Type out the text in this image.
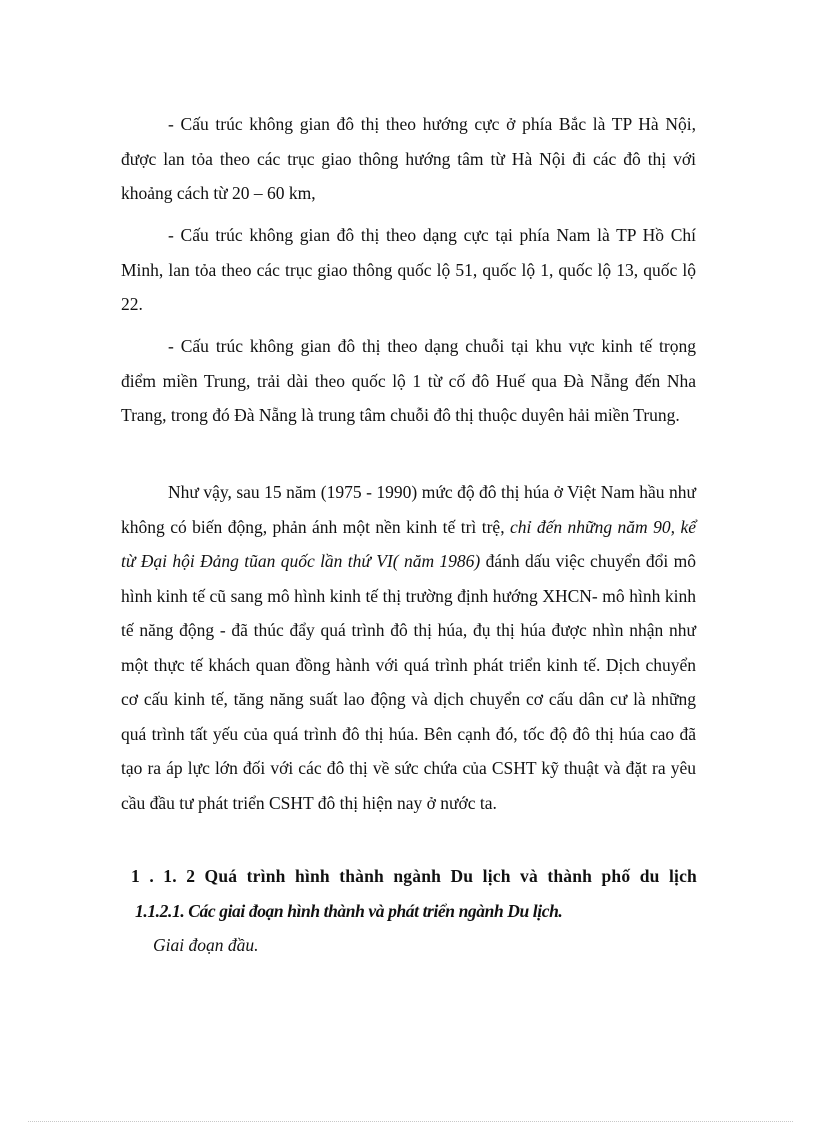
- Cấu trúc không gian đô thị theo hướng cực ở phía Bắc là TP Hà Nội, được lan tỏa theo các trục giao thông hướng tâm từ Hà Nội đi các đô thị với khoảng cách từ 20 – 60 km,

- Cấu trúc không gian đô thị theo dạng cực tại phía Nam là TP Hồ Chí Minh, lan tỏa theo các trục giao thông quốc lộ 51, quốc lộ 1, quốc lộ 13, quốc lộ 22.

- Cấu trúc không gian đô thị theo dạng chuỗi tại khu vực kinh tế trọng điểm miền Trung, trải dài theo quốc lộ 1 từ cố đô Huế qua Đà Nẵng đến Nha Trang, trong đó Đà Nẵng là trung tâm chuỗi đô thị thuộc duyên hải miền Trung.

Như vậy, sau 15 năm (1975 - 1990) mức độ đô thị húa ở Việt Nam hầu như không có biến động, phản ánh một nền kinh tế trì trệ, chỉ đến những năm 90, kể từ Đại hội Đảng tũan quốc lần thứ VI( năm 1986) đánh dấu việc chuyển đổi mô hình kinh tế cũ sang mô hình kinh tế thị trường định hướng XHCN- mô hình kinh tế năng động - đã thúc đẩy quá trình đô thị húa, đụ thị húa được nhìn nhận như một thực tế khách quan đồng hành với quá trình phát triển kinh tế. Dịch chuyển cơ cấu kinh tế, tăng năng suất lao động và dịch chuyển cơ cấu dân cư là những quá trình tất yếu của quá trình đô thị húa. Bên cạnh đó, tốc độ đô thị húa cao đã tạo ra áp lực lớn đối với các đô thị về sức chứa của CSHT kỹ thuật và đặt ra yêu cầu đầu tư phát triển CSHT đô thị hiện nay ở nước ta.

1 . 1. 2 Quá trình hình thành ngành Du lịch và thành phố du lịch

1.1.2.1. Các giai đoạn hình thành và phát triển ngành Du lịch.

Giai đoạn đầu.
